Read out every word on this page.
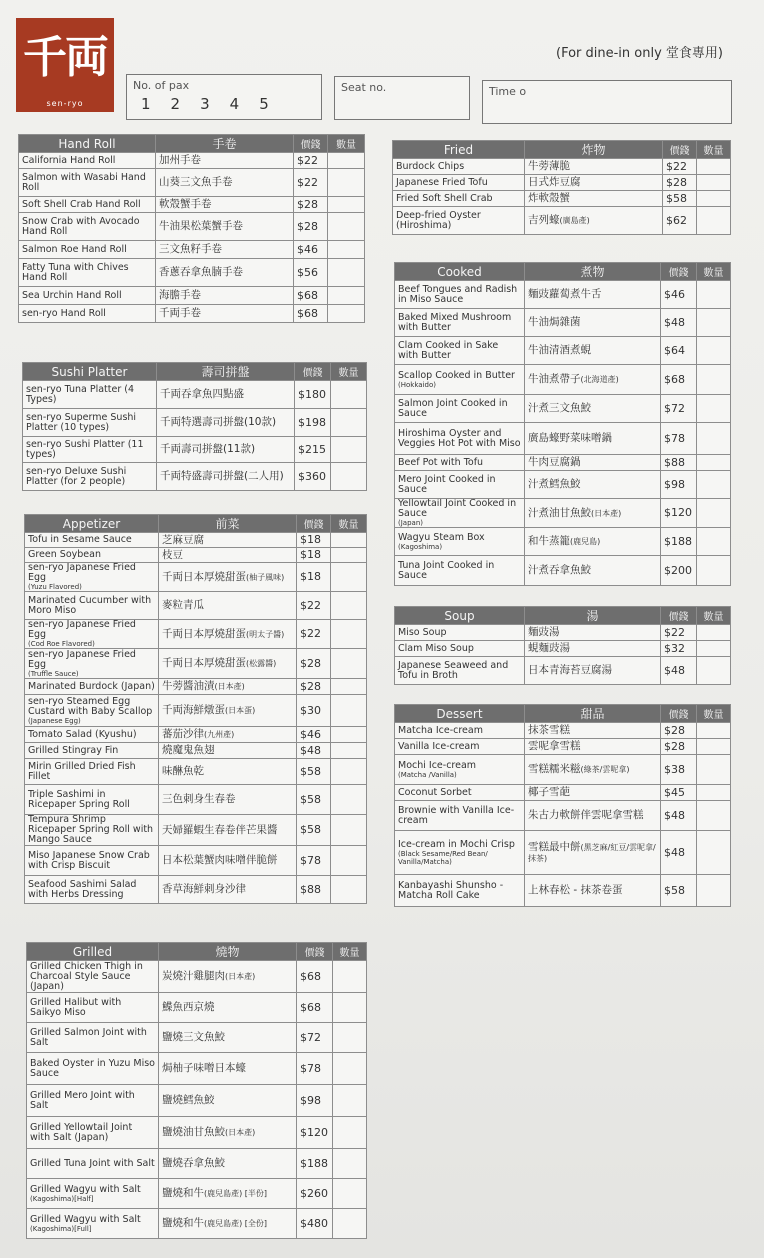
千両
sen-ryo
(For dine-in only 堂食專用)
No. of pax
1 2 3 4 5
Seat no.	Time o
Hand Roll	手卷	價錢	數量
California Hand Roll	加州手卷	$22	
Salmon with Wasabi Hand Roll	山葵三文魚手卷	$22	
Soft Shell Crab Hand Roll	軟殼蟹手卷	$28	
Snow Crab with Avocado Hand Roll	牛油果松葉蟹手卷	$28	
Salmon Roe Hand Roll	三文魚籽手卷	$46	
Fatty Tuna with Chives Hand Roll	香蔥吞拿魚腩手卷	$56	
Sea Urchin Hand Roll	海膽手卷	$68	
sen-ryo Hand Roll	千両手卷	$68	
Sushi Platter	壽司拼盤	價錢	數量
sen-ryo Tuna Platter (4 Types)	千両吞拿魚四點盛	$180	
sen-ryo Superme Sushi Platter (10 types)	千両特選壽司拼盤(10款)	$198	
sen-ryo Sushi Platter (11 types)	千両壽司拼盤(11款)	$215	
sen-ryo Deluxe Sushi Platter (for 2 people)	千両特盛壽司拼盤(二人用)	$360	
Appetizer	前菜	價錢	數量
Tofu in Sesame Sauce	芝麻豆腐	$18	
Green Soybean	枝豆	$18	
sen-ryo Japanese Fried Egg
(Yuzu Flavored)	千両日本厚燒甜蛋(柚子風味)	$18	
Marinated Cucumber with Moro Miso	麥粒青瓜	$22	
sen-ryo Japanese Fried Egg
(Cod Roe Flavored)	千両日本厚燒甜蛋(明太子醬)	$22	
sen-ryo Japanese Fried Egg
(Truffle Sauce)	千両日本厚燒甜蛋(松露醬)	$28	
Marinated Burdock (Japan)	牛蒡醬油漬(日本產)	$28	
sen-ryo Steamed Egg Custard with Baby Scallop
(Japanese Egg)	千両海鮮燉蛋(日本蛋)	$30	
Tomato Salad (Kyushu)	蕃茄沙律(九州產)	$46	
Grilled Stingray Fin	燒魔鬼魚翅	$48	
Mirin Grilled Dried Fish Fillet	味醂魚乾	$58	
Triple Sashimi in Ricepaper Spring Roll	三色刺身生春卷	$58	
Tempura Shrimp Ricepaper Spring Roll with Mango Sauce	天婦羅蝦生春卷伴芒果醬	$58	
Miso Japanese Snow Crab with Crisp Biscuit	日本松葉蟹肉味噌伴脆餅	$78	
Seafood Sashimi Salad with Herbs Dressing	香草海鮮刺身沙律	$88	
Grilled	燒物	價錢	數量
Grilled Chicken Thigh in Charcoal Style Sauce (Japan)	炭燒汁雞腿肉(日本產)	$68	
Grilled Halibut with Saikyo Miso	鰈魚西京燒	$68	
Grilled Salmon Joint with Salt	鹽燒三文魚鮫	$72	
Baked Oyster in Yuzu Miso Sauce	焗柚子味噌日本蠔	$78	
Grilled Mero Joint with Salt	鹽燒鱈魚鮫	$98	
Grilled Yellowtail Joint with Salt (Japan)	鹽燒油甘魚鮫(日本產)	$120	
Grilled Tuna Joint with Salt	鹽燒吞拿魚鮫	$188	
Grilled Wagyu with Salt
(Kagoshima)[Half]	鹽燒和牛(鹿兒島產) [半份]	$260	
Grilled Wagyu with Salt
(Kagoshima)[Full]	鹽燒和牛(鹿兒島產) [全份]	$480	
Fried	炸物	價錢	數量
Burdock Chips	牛蒡薄脆	$22	
Japanese Fried Tofu	日式炸豆腐	$28	
Fried Soft Shell Crab	炸軟殼蟹	$58	
Deep-fried Oyster (Hiroshima)	吉列蠔(廣島產)	$62	
Cooked	煮物	價錢	數量
Beef Tongues and Radish in Miso Sauce	麵豉蘿蔔煮牛舌	$46	
Baked Mixed Mushroom with Butter	牛油焗雜菌	$48	
Clam Cooked in Sake with Butter	牛油清酒煮蜆	$64	
Scallop Cooked in Butter
(Hokkaido)	牛油煮帶子(北海道產)	$68	
Salmon Joint Cooked in Sauce	汁煮三文魚鮫	$72	
Hiroshima Oyster and Veggies Hot Pot with Miso	廣島蠔野菜味噌鍋	$78	
Beef Pot with Tofu	牛肉豆腐鍋	$88	
Mero Joint Cooked in Sauce	汁煮鱈魚鮫	$98	
Yellowtail Joint Cooked in Sauce
(Japan)	汁煮油甘魚鮫(日本產)	$120	
Wagyu Steam Box
(Kagoshima)	和牛蒸籠(鹿兒島)	$188	
Tuna Joint Cooked in Sauce	汁煮吞拿魚鮫	$200	
Soup	湯	價錢	數量
Miso Soup	麵豉湯	$22	
Clam Miso Soup	蜆麵豉湯	$32	
Japanese Seaweed and Tofu in Broth	日本青海苔豆腐湯	$48	
Dessert	甜品	價錢	數量
Matcha Ice-cream	抹茶雪糕	$28	
Vanilla Ice-cream	雲呢拿雪糕	$28	
Mochi Ice-cream
(Matcha /Vanilla)	雪糕糯米糍(綠茶/雲呢拿)	$38	
Coconut Sorbet	椰子雪葩	$45	
Brownie with Vanilla Ice-cream	朱古力軟餅伴雲呢拿雪糕	$48	
Ice-cream in Mochi Crisp
(Black Sesame/Red Bean/ Vanilla/Matcha)	雪糕最中餅(黑芝麻/紅豆/雲呢拿/抹茶)	$48	
Kanbayashi Shunsho - Matcha Roll Cake	上林春松 - 抹茶卷蛋	$58	
